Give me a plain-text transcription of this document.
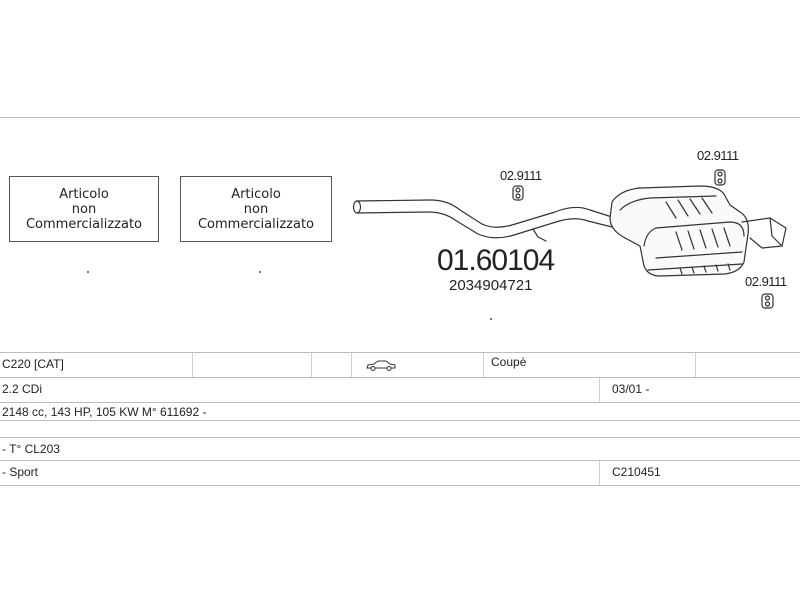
Articolo
non
Commercializzato
Articolo
non
Commercializzato
02.9111
02.9111
02.9111
01.60104
2034904721
C220 [CAT]	Coupè
2.2 CDi	03/01 -
2148 cc, 143 HP, 105 KW M° 611692 -
- T° CL203
- Sport	C210451
